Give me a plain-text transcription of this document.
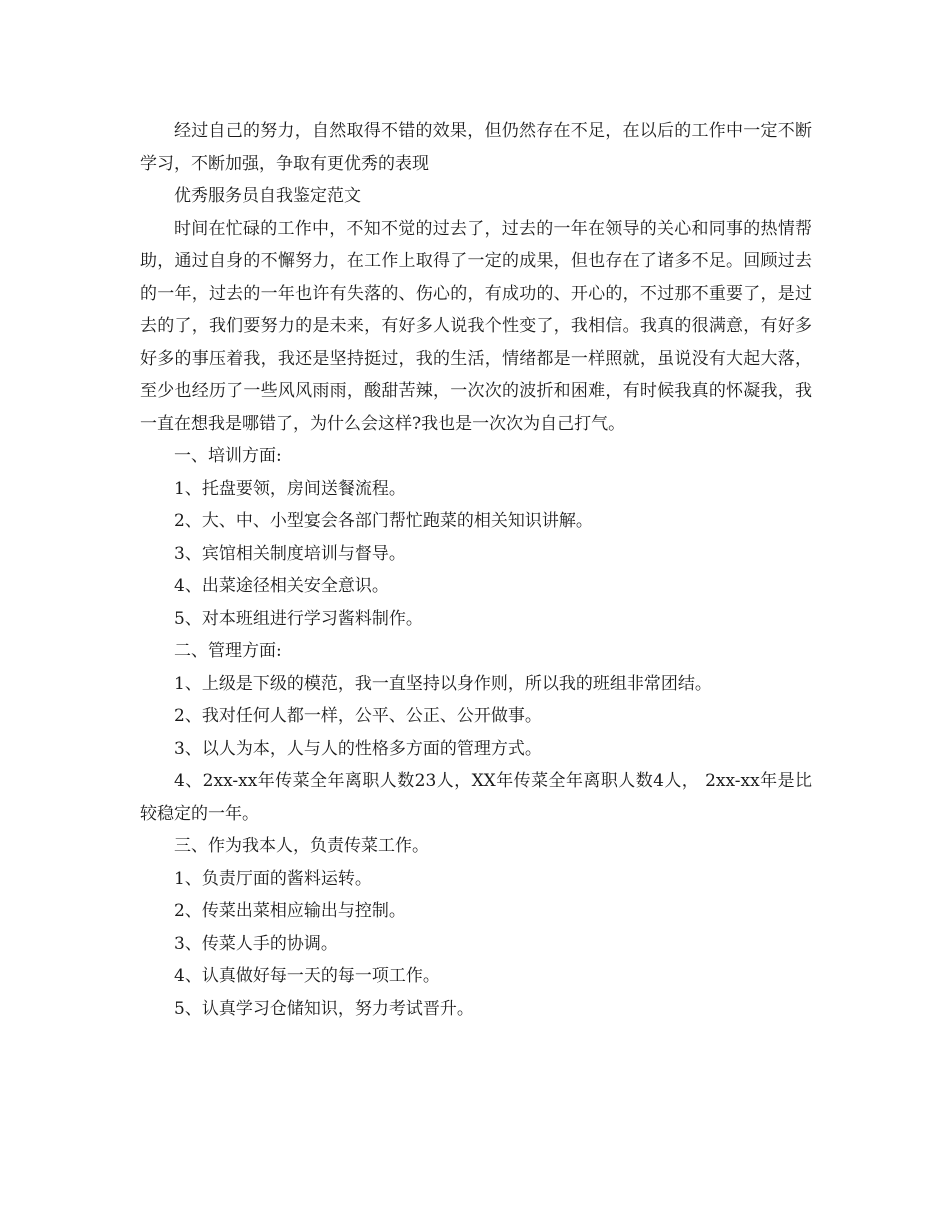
经过自己的努力，自然取得不错的效果，但仍然存在不足，在以后的工作中一定不断学习，不断加强，争取有更优秀的表现

优秀服务员自我鉴定范文

时间在忙碌的工作中，不知不觉的过去了，过去的一年在领导的关心和同事的热情帮助，通过自身的不懈努力，在工作上取得了一定的成果，但也存在了诸多不足。回顾过去的一年，过去的一年也许有失落的、伤心的，有成功的、开心的，不过那不重要了，是过去的了，我们要努力的是未来，有好多人说我个性变了，我相信。我真的很满意，有好多好多的事压着我，我还是坚持挺过，我的生活，情绪都是一样照就，虽说没有大起大落，至少也经历了一些风风雨雨，酸甜苦辣，一次次的波折和困难，有时候我真的怀凝我，我一直在想我是哪错了，为什么会这样?我也是一次次为自己打气。

一、培训方面:

1、托盘要领，房间送餐流程。

2、大、中、小型宴会各部门帮忙跑菜的相关知识讲解。

3、宾馆相关制度培训与督导。

4、出菜途径相关安全意识。

5、对本班组进行学习酱料制作。

二、管理方面:

1、上级是下级的模范，我一直坚持以身作则，所以我的班组非常团结。

2、我对任何人都一样，公平、公正、公开做事。

3、以人为本，人与人的性格多方面的管理方式。

4、2xx-xx年传菜全年离职人数23人，XX年传菜全年离职人数4人， 2xx-xx年是比较稳定的一年。

三、作为我本人，负责传菜工作。

1、负责厅面的酱料运转。

2、传菜出菜相应输出与控制。

3、传菜人手的协调。

4、认真做好每一天的每一项工作。

5、认真学习仓储知识，努力考试晋升。
